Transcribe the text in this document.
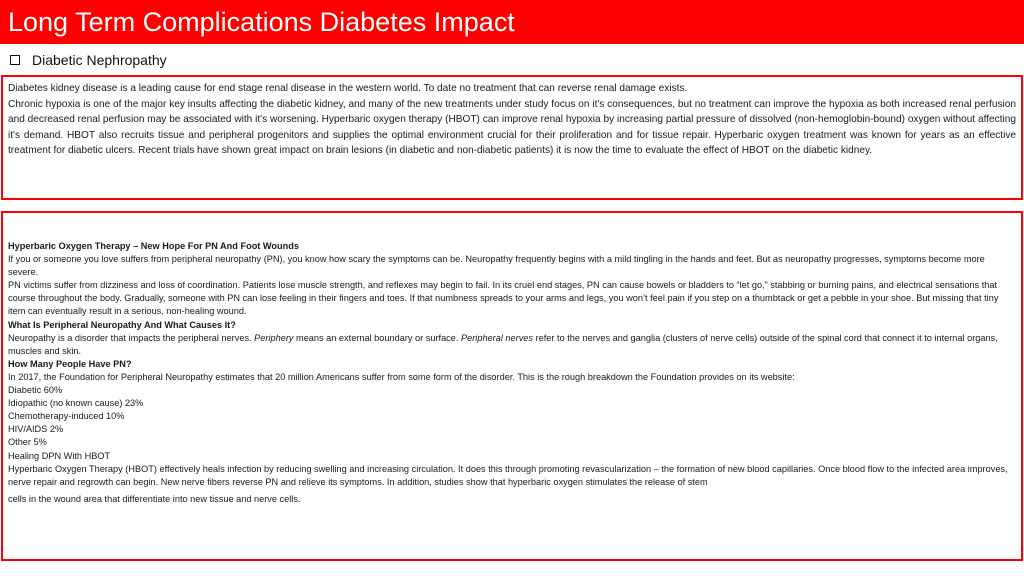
Long Term Complications Diabetes Impact
Diabetic Nephropathy

Diabetes kidney disease is a leading cause for end stage renal disease in the western world. To date no treatment that can reverse renal damage exists.

Chronic hypoxia is one of the major key insults affecting the diabetic kidney, and many of the new treatments under study focus on it's consequences, but no treatment can improve the hypoxia as both increased renal perfusion and decreased renal perfusion may be associated with it's worsening. Hyperbaric oxygen therapy (HBOT) can improve renal hypoxia by increasing partial pressure of dissolved (non-hemoglobin-bound) oxygen without affecting it's demand. HBOT also recruits tissue and peripheral progenitors and supplies the optimal environment crucial for their proliferation and for tissue repair. Hyperbaric oxygen treatment was known for years as an effective treatment for diabetic ulcers. Recent trials have shown great impact on brain lesions (in diabetic and non-diabetic patients) it is now the time to evaluate the effect of HBOT on the diabetic kidney.

Hyperbaric Oxygen Therapy – New Hope For PN And Foot Wounds
If you or someone you love suffers from peripheral neuropathy (PN), you know how scary the symptoms can be. Neuropathy frequently begins with a mild tingling in the hands and feet. But as neuropathy progresses, symptoms become more severe.
PN victims suffer from dizziness and loss of coordination. Patients lose muscle strength, and reflexes may begin to fail. In its cruel end stages, PN can cause bowels or bladders to “let go,” stabbing or burning pains, and electrical sensations that course throughout the body. Gradually, someone with PN can lose feeling in their fingers and toes. If that numbness spreads to your arms and legs, you won’t feel pain if you step on a thumbtack or get a pebble in your shoe. But missing that tiny item can eventually result in a serious, non-healing wound.
What Is Peripheral Neuropathy And What Causes It?
Neuropathy is a disorder that impacts the peripheral nerves. Periphery means an external boundary or surface. Peripheral nerves refer to the nerves and ganglia (clusters of nerve cells) outside of the spinal cord that connect it to internal organs, muscles and skin.
How Many People Have PN?
In 2017, the Foundation for Peripheral Neuropathy estimates that 20 million Americans suffer from some form of the disorder. This is the rough breakdown the Foundation provides on its website:
Diabetic 60%
Idiopathic (no known cause) 23%
Chemotherapy-induced 10%
HIV/AIDS 2%
Other 5%
Healing DPN With HBOT
Hyperbaric Oxygen Therapy (HBOT) effectively heals infection by reducing swelling and increasing circulation. It does this through promoting revascularization – the formation of new blood capillaries. Once blood flow to the infected area improves, nerve repair and regrowth can begin. New nerve fibers reverse PN and relieve its symptoms. In addition, studies show that hyperbaric oxygen stimulates the release of stem
cells in the wound area that differentiate into new tissue and nerve cells.
